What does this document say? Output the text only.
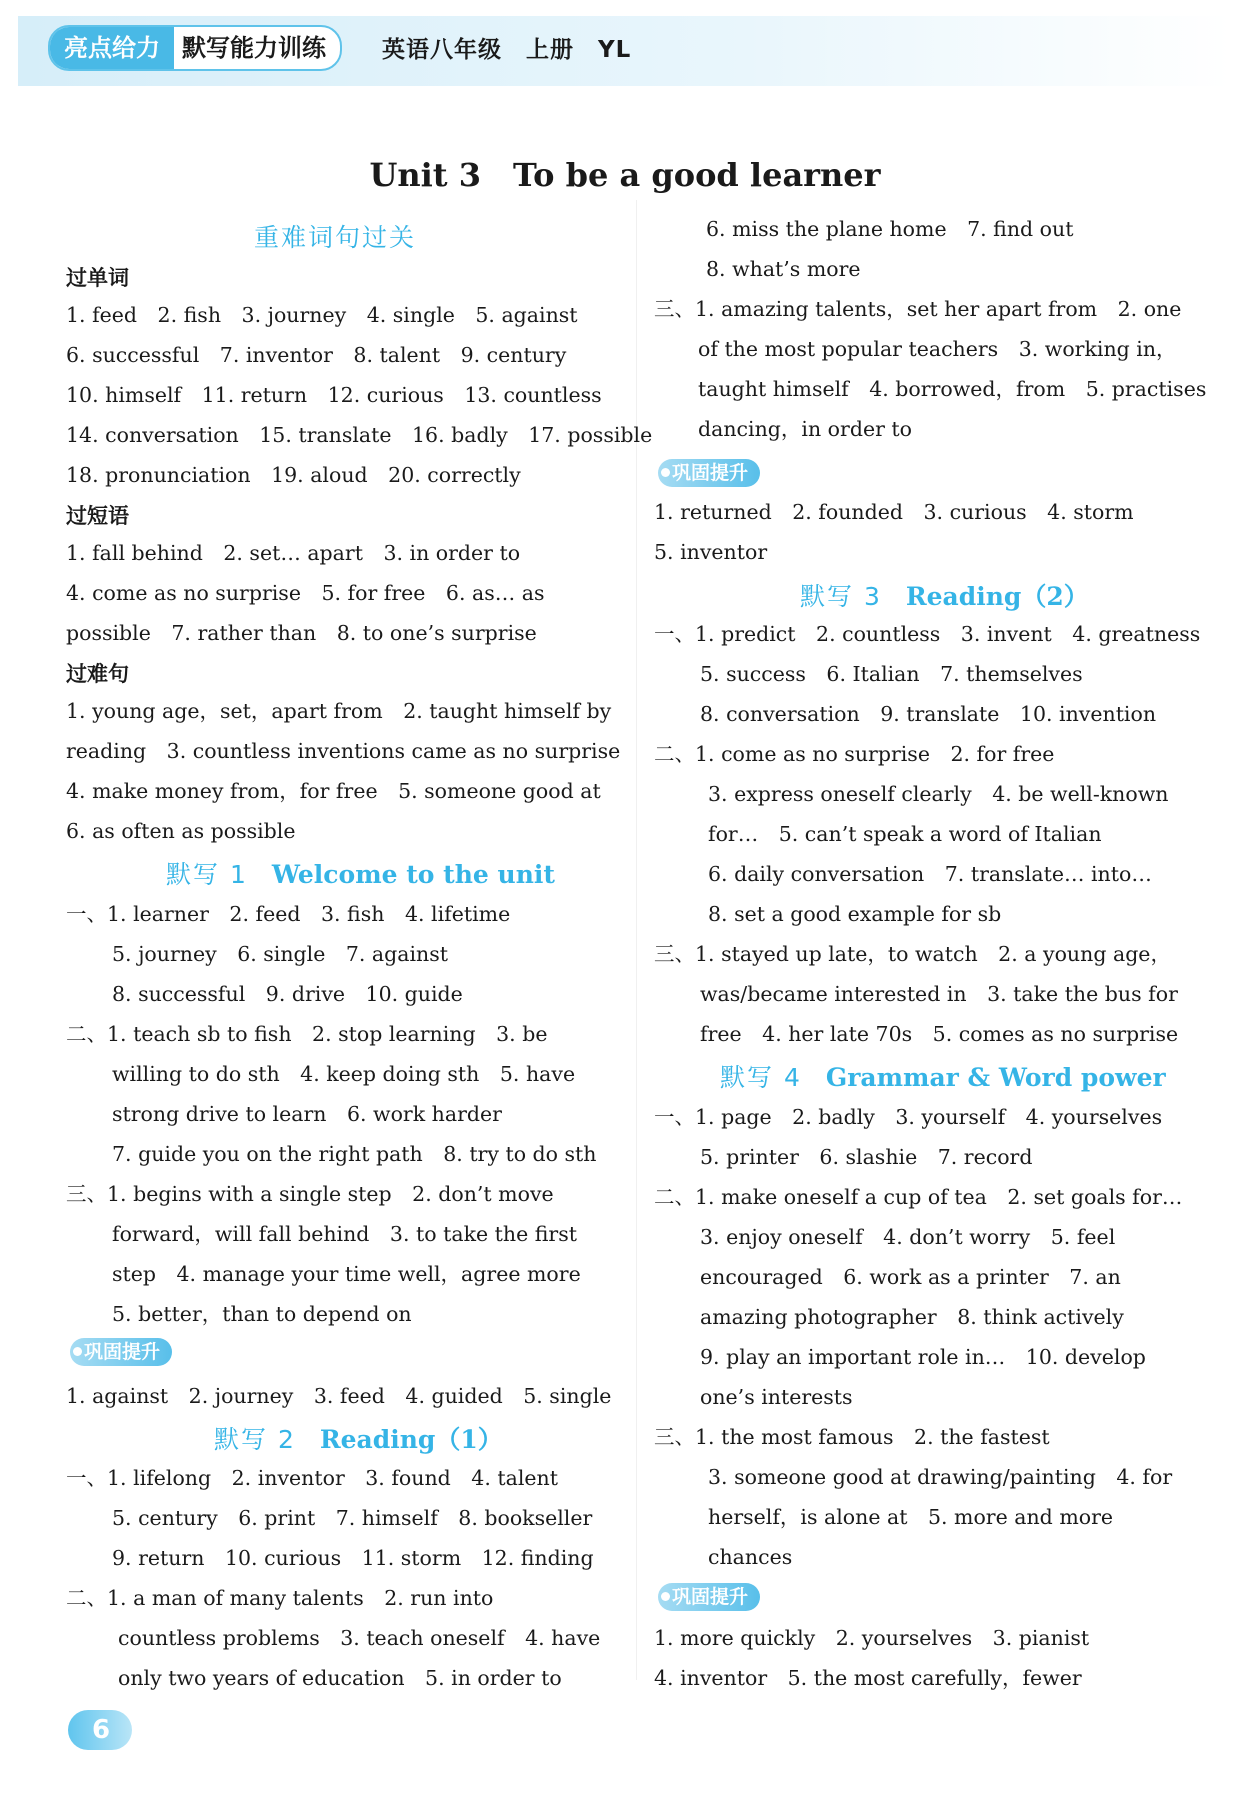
亮点给力 默写能力训练	英语八年级　上册　YL
Unit 3　To be a good learner
重难词句过关
过单词
1. feed　2. fish　3. journey　4. single　5. against
6. successful　7. inventor　8. talent　9. century
10. himself　11. return　12. curious　13. countless
14. conversation　15. translate　16. badly　17. possible
18. pronunciation　19. aloud　20. correctly
过短语
1. fall behind　2. set… apart　3. in order to
4. come as no surprise　5. for free　6. as… as
possible　7. rather than　8. to one’s surprise
过难句
1. young age，set，apart from　2. taught himself by
reading　3. countless inventions came as no surprise
4. make money from，for free　5. someone good at
6. as often as possible
默写 1 Welcome to the unit
一、1. learner　2. feed　3. fish　4. lifetime
5. journey　6. single　7. against
8. successful　9. drive　10. guide
二、1. teach sb to fish　2. stop learning　3. be
willing to do sth　4. keep doing sth　5. have
strong drive to learn　6. work harder
7. guide you on the right path　8. try to do sth
三、1. begins with a single step　2. don’t move
forward，will fall behind　3. to take the first
step　4. manage your time well，agree more
5. better，than to depend on
巩固提升
1. against　2. journey　3. feed　4. guided　5. single
默写 2 Reading（1）
一、1. lifelong　2. inventor　3. found　4. talent
5. century　6. print　7. himself　8. bookseller
9. return　10. curious　11. storm　12. finding
二、1. a man of many talents　2. run into
countless problems　3. teach oneself　4. have
only two years of education　5. in order to
6. miss the plane home　7. find out
8. what’s more
三、1. amazing talents，set her apart from　2. one
of the most popular teachers　3. working in，
taught himself　4. borrowed，from　5. practises
dancing，in order to
巩固提升
1. returned　2. founded　3. curious　4. storm
5. inventor
默写 3 Reading（2）
一、1. predict　2. countless　3. invent　4. greatness
5. success　6. Italian　7. themselves
8. conversation　9. translate　10. invention
二、1. come as no surprise　2. for free
3. express oneself clearly　4. be well-known
for…　5. can’t speak a word of Italian
6. daily conversation　7. translate… into…
8. set a good example for sb
三、1. stayed up late，to watch　2. a young age，
was/became interested in　3. take the bus for
free　4. her late 70s　5. comes as no surprise
默写 4 Grammar & Word power
一、1. page　2. badly　3. yourself　4. yourselves
5. printer　6. slashie　7. record
二、1. make oneself a cup of tea　2. set goals for…
3. enjoy oneself　4. don’t worry　5. feel
encouraged　6. work as a printer　7. an
amazing photographer　8. think actively
9. play an important role in…　10. develop
one’s interests
三、1. the most famous　2. the fastest
3. someone good at drawing/painting　4. for
herself，is alone at　5. more and more
chances
巩固提升
1. more quickly　2. yourselves　3. pianist
4. inventor　5. the most carefully，fewer
6
